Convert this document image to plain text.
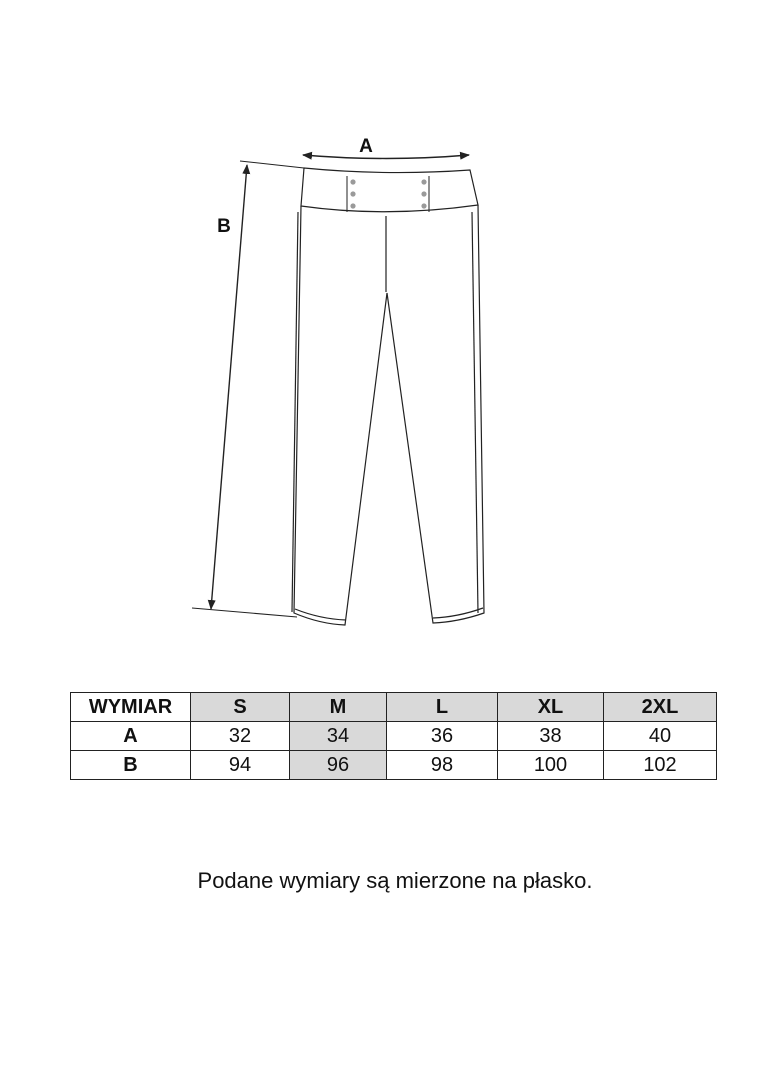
A
B
WYMIAR	S	M	L	XL	2XL
A	32	34	36	38	40
B	94	96	98	100	102

Podane wymiary są mierzone na płasko.
